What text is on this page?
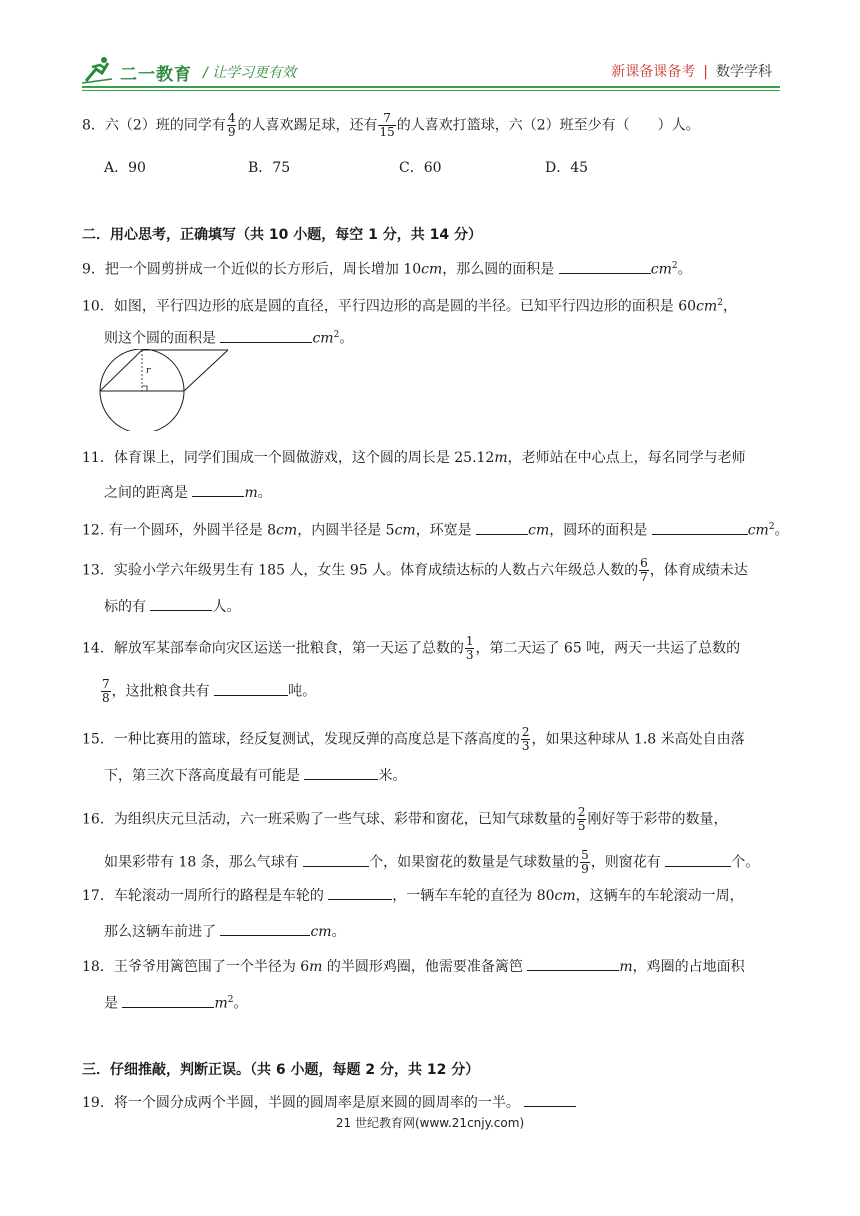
二一教育 / 让学习更有效	新课备课备考 | 数学学科
8．六（2）班的同学有 $\frac{4}{9}$ 的人喜欢踢足球，还有 $\frac{7}{15}$ 的人喜欢打篮球，六（2）班至少有（　　）人。
A．90	B．75	C．60	D．45
二．用心思考，正确填写（共 10 小题，每空 1 分，共 14 分）
9．把一个圆剪拼成一个近似的长方形后，周长增加 10cm，那么圆的面积是	$cm^2$。
10．如图，平行四边形的底是圆的直径，平行四边形的高是圆的半径。已知平行四边形的面积是 $60cm^2$，
则这个圆的面积是	$cm^2$。
r
11．体育课上，同学们围成一个圆做游戏，这个圆的周长是 25.12m，老师站在中心点上，每名同学与老师
之间的距离是	m。
12. 有一个圆环，外圆半径是 8cm，内圆半径是 5cm，环宽是	cm，圆环的面积是	$cm^2$。
13．实验小学六年级男生有 185 人，女生 95 人。体育成绩达标的人数占六年级总人数的 $\frac{6}{7}$ ，体育成绩未达
标的有	人。
14．解放军某部奉命向灾区运送一批粮食，第一天运了总数的 $\frac{1}{3}$ ，第二天运了 65 吨，两天一共运了总数的
$\frac{7}{8}$ ，这批粮食共有	吨。
15．一种比赛用的篮球，经反复测试，发现反弹的高度总是下落高度的 $\frac{2}{3}$ ，如果这种球从 1.8 米高处自由落
下，第三次下落高度最有可能是	米。
16．为组织庆元旦活动，六一班采购了一些气球、彩带和窗花，已知气球数量的 $\frac{2}{5}$ 刚好等于彩带的数量，
如果彩带有 18 条，那么气球有	个，如果窗花的数量是气球数量的 $\frac{5}{9}$ ，则窗花有	个。
17．车轮滚动一周所行的路程是车轮的	，一辆车车轮的直径为 80cm，这辆车的车轮滚动一周，
那么这辆车前进了	cm。
18．王爷爷用篱笆围了一个半径为 6m 的半圆形鸡圈，他需要准备篱笆	m，鸡圈的占地面积
是	$m^2$。
三．仔细推敲，判断正误。（共 6 小题，每题 2 分，共 12 分）
19．将一个圆分成两个半圆，半圆的圆周率是原来圆的圆周率的一半。
21 世纪教育网(www.21cnjy.com)
